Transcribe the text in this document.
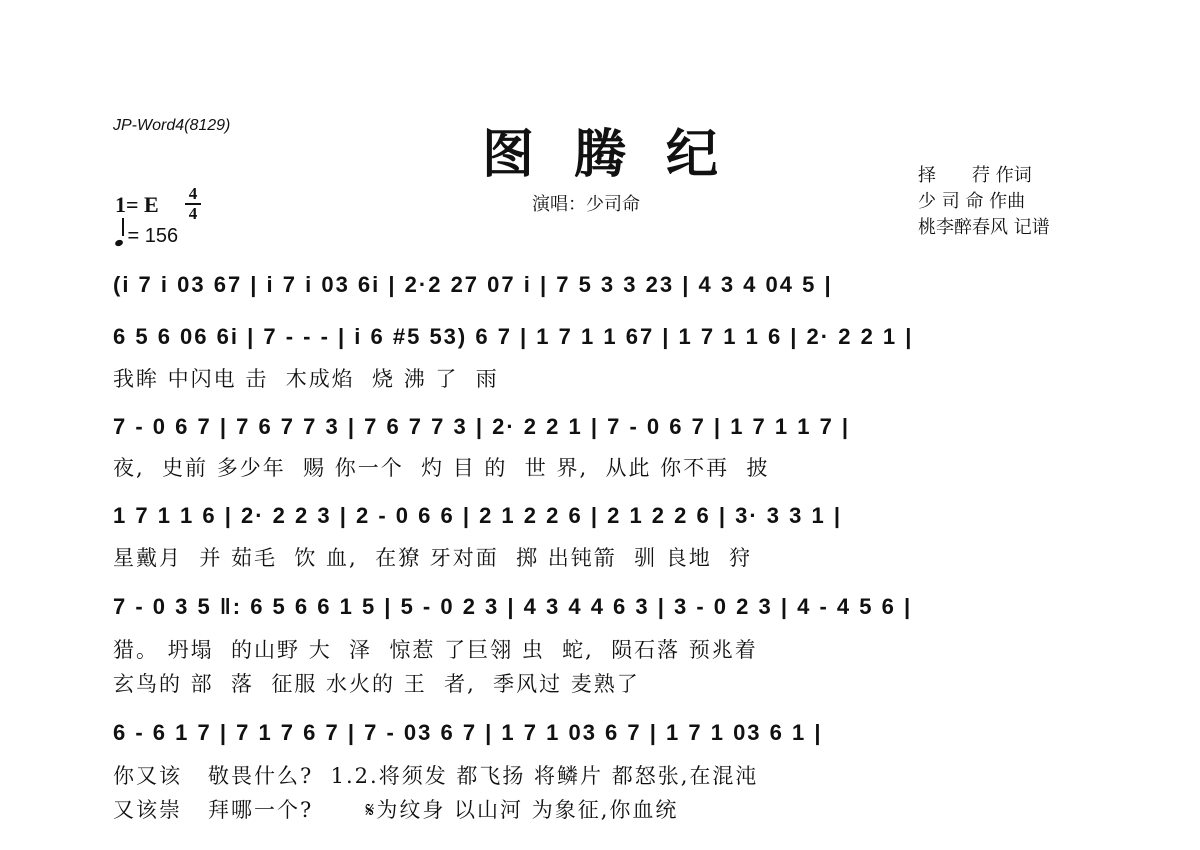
JP-Word4(8129)	图腾纪
演唱：少司命
择　　荇 作词
少 司 命 作曲
桃李醉春风 记谱
1= E 4
4
= 156
(i 7 i 03 67 | i 7 i 03 6i | 2·2 27 07 i | 7 5 3 3 23 | 4 3 4 04 5 |
6 5 6 06 6i | 7 - - - | i 6 #5 53) 6 7 | 1 7 1 1 67 | 1 7 1 1 6 | 2· 2 2 1 |
我眸 中闪电 击  木成焰  烧 沸 了  雨
7 - 0 6 7 | 7 6 7 7 3 | 7 6 7 7 3 | 2· 2 2 1 | 7 - 0 6 7 | 1 7 1 1 7 |
夜,  史前 多少年  赐 你一个  灼 目 的  世 界,  从此 你不再  披
1 7 1 1 6 | 2· 2 2 3 | 2 - 0 6 6 | 2 1 2 2 6 | 2 1 2 2 6 | 3· 3 3 1 |
星戴月  并 茹毛  饮 血,  在獠 牙对面  掷 出钝箭  驯 良地  狩
7 - 0 3 5 ‖: 6 5 6 6 1 5 | 5 - 0 2 3 | 4 3 4 4 6 3 | 3 - 0 2 3 | 4 - 4 5 6 |
猎。 坍塌  的山野 大  泽  惊惹 了巨翎 虫  蛇,  陨石落 预兆着
玄鸟的 部  落  征服 水火的 王  者,  季风过 麦熟了
6 - 6 1 7 | 7 1 7 6 7 | 7 - 03 6 7 | 1 7 1 03 6 7 | 1 7 1 03 6 1 |
你又该   敬畏什么?  1.2.将须发 都飞扬 将鳞片 都怒张,在混沌
又该崇   拜哪一个?      𝄋为纹身 以山河 为象征,你血统
